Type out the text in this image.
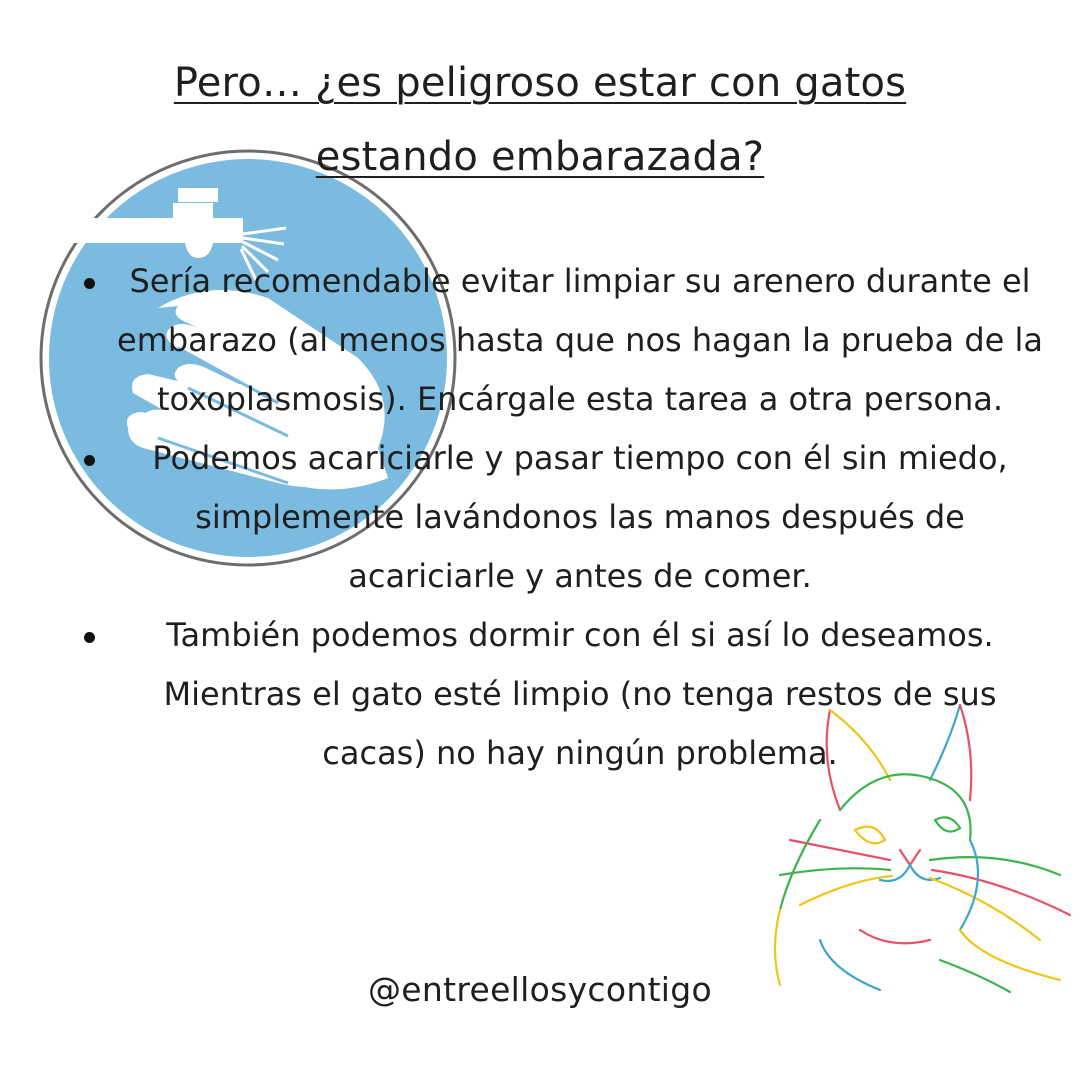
Pero… ¿es peligroso estar con gatos
estando embarazada?
Sería recomendable evitar limpiar su arenero durante el embarazo (al menos hasta que nos hagan la prueba de la toxoplasmosis). Encárgale esta tarea a otra persona.
Podemos acariciarle y pasar tiempo con él sin miedo, simplemente lavándonos las manos después de acariciarle y antes de comer.
También podemos dormir con él si así lo deseamos. Mientras el gato esté limpio (no tenga restos de sus cacas) no hay ningún problema.
@entreellosycontigo
